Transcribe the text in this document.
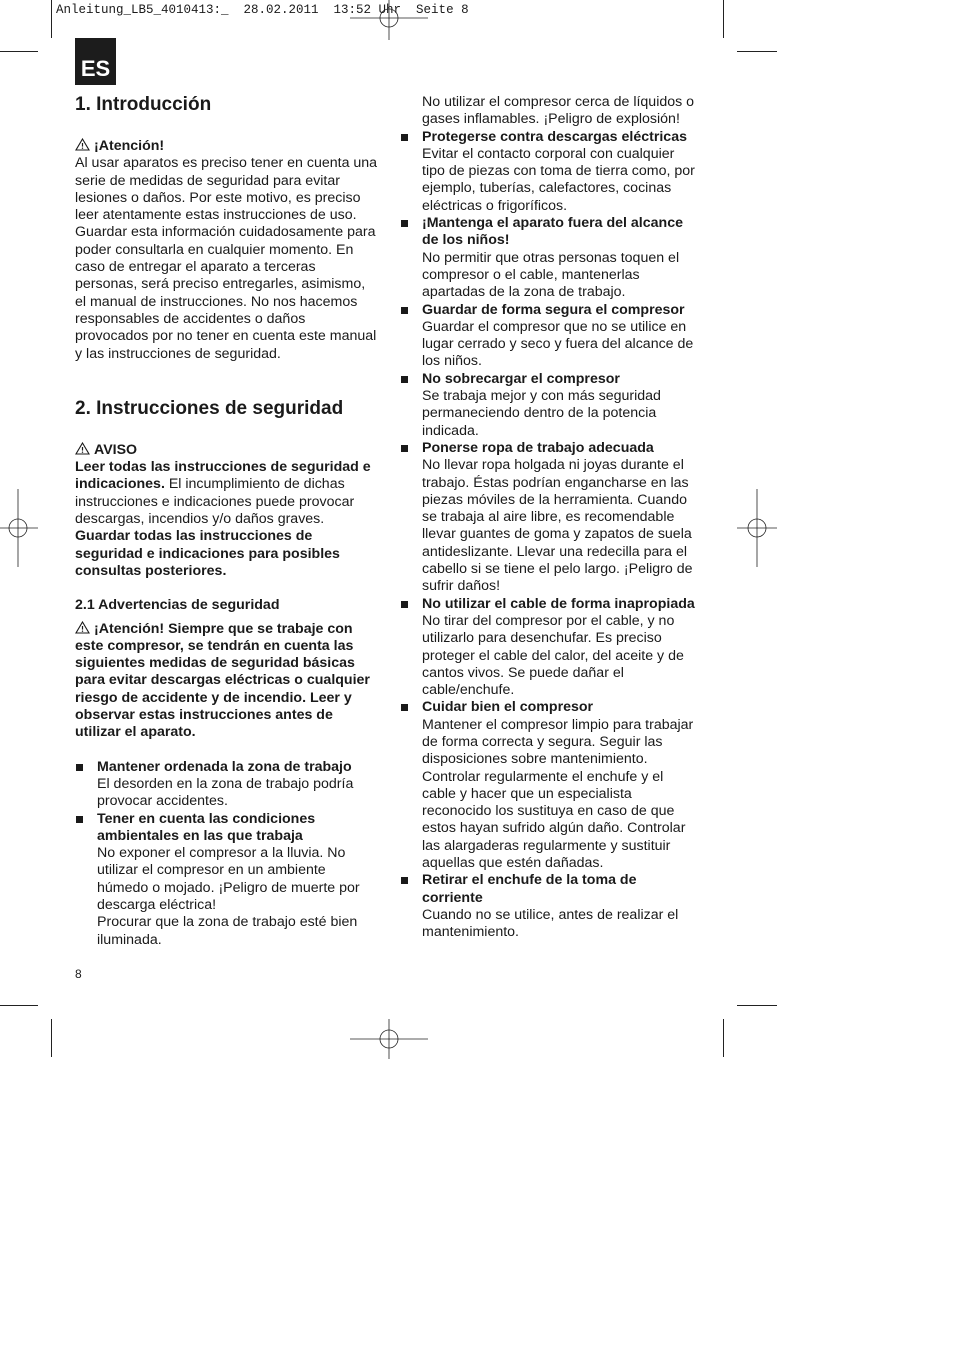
Anleitung_LB5_4010413:_  28.02.2011  13:52 Uhr  Seite 8
ES
1. Introducción

¡Atención!

Al usar aparatos es preciso tener en cuenta una serie de medidas de seguridad para evitar lesiones o daños. Por este motivo, es preciso leer atentamente estas instrucciones de uso. Guardar esta información cuidadosamente para poder consultarla en cualquier momento. En caso de entregar el aparato a terceras personas, será preciso entregarles, asimismo, el manual de instrucciones. No nos hacemos responsables de accidentes o daños provocados por no tener en cuenta este manual y las instrucciones de seguridad.

2. Instrucciones de seguridad

AVISO

Leer todas las instrucciones de seguridad e indicaciones. El incumplimiento de dichas instrucciones e indicaciones puede provocar descargas, incendios y/o daños graves.

Guardar todas las instrucciones de seguridad e indicaciones para posibles consultas posteriores.

2.1 Advertencias de seguridad

¡Atención! Siempre que se trabaje con este compresor, se tendrán en cuenta las siguientes medidas de seguridad básicas para evitar descargas eléctricas o cualquier riesgo de accidente y de incendio. Leer y observar estas instrucciones antes de utilizar el aparato.

Mantener ordenada la zona de trabajo

El desorden en la zona de trabajo podría provocar accidentes.

Tener en cuenta las condiciones ambientales en las que trabaja

No exponer el compresor a la lluvia. No utilizar el compresor en un ambiente húmedo o mojado. ¡Peligro de muerte por descarga eléctrica!

Procurar que la zona de trabajo esté bien iluminada.

No utilizar el compresor cerca de líquidos o gases inflamables. ¡Peligro de explosión!

Protegerse contra descargas eléctricas

Evitar el contacto corporal con cualquier tipo de piezas con toma de tierra como, por ejemplo, tuberías, calefactores, cocinas eléctricas o frigoríficos.

¡Mantenga el aparato fuera del alcance de los niños!

No permitir que otras personas toquen el compresor o el cable, mantenerlas apartadas de la zona de trabajo.

Guardar de forma segura el compresor

Guardar el compresor que no se utilice en lugar cerrado y seco y fuera del alcance de los niños.

No sobrecargar el compresor

Se trabaja mejor y con más seguridad permaneciendo dentro de la potencia indicada.

Ponerse ropa de trabajo adecuada

No llevar ropa holgada ni joyas durante el trabajo. Éstas podrían engancharse en las piezas móviles de la herramienta. Cuando se trabaja al aire libre, es recomendable llevar guantes de goma y zapatos de suela antideslizante. Llevar una redecilla para el cabello si se tiene el pelo largo. ¡Peligro de sufrir daños!

No utilizar el cable de forma inapropiada

No tirar del compresor por el cable, y no utilizarlo para desenchufar. Es preciso proteger el cable del calor, del aceite y de cantos vivos. Se puede dañar el cable/enchufe.

Cuidar bien el compresor

Mantener el compresor limpio para trabajar de forma correcta y segura. Seguir las disposiciones sobre mantenimiento. Controlar regularmente el enchufe y el cable y hacer que un especialista reconocido los sustituya en caso de que estos hayan sufrido algún daño. Controlar las alargaderas regularmente y sustituir aquellas que estén dañadas.

Retirar el enchufe de la toma de corriente

Cuando no se utilice, antes de realizar el mantenimiento.

8
